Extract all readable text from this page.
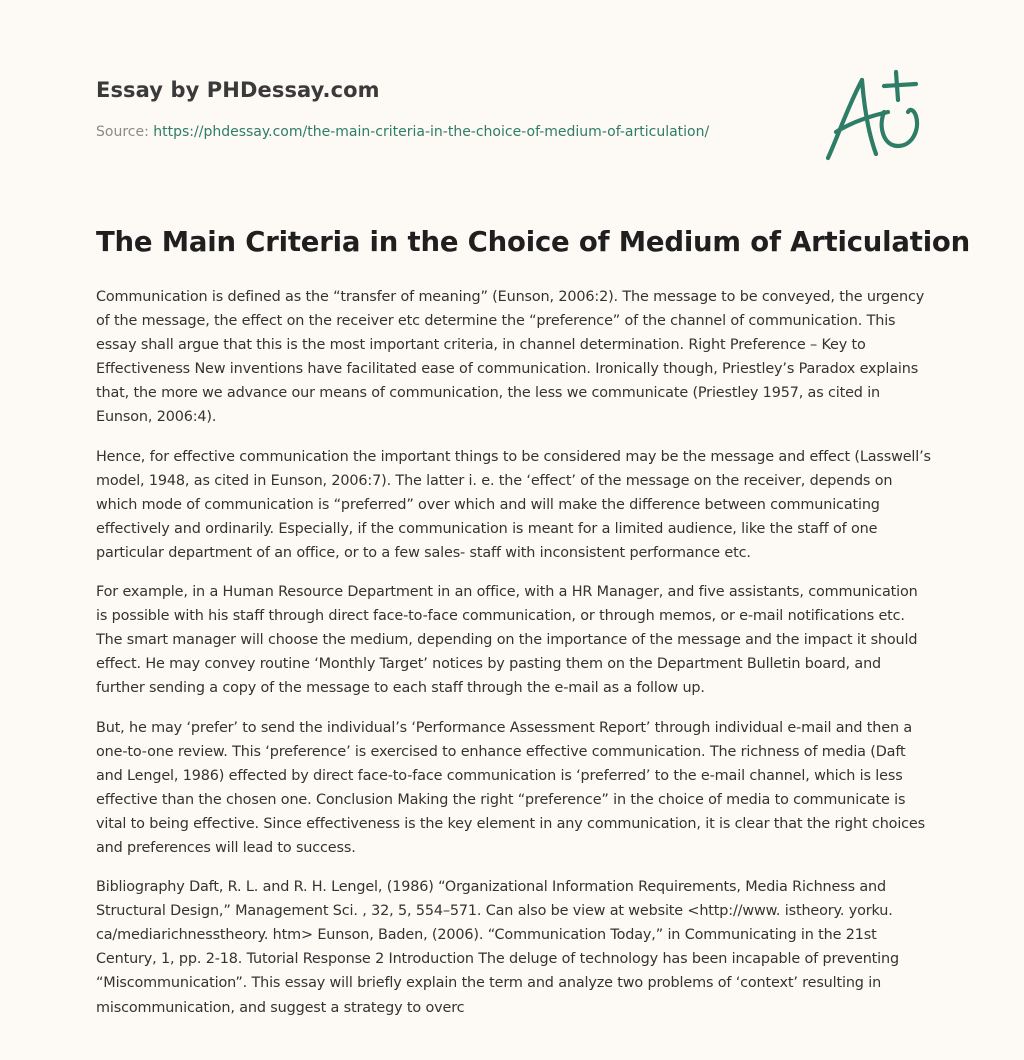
Essay by PHDessay.com
Source: https://phdessay.com/the-main-criteria-in-the-choice-of-medium-of-articulation/
The Main Criteria in the Choice of Medium of Articulation

Communication is defined as the “transfer of meaning” (Eunson, 2006:2). The message to be conveyed, the urgency of the message, the effect on the receiver etc determine the “preference” of the channel of communication. This essay shall argue that this is the most important criteria, in channel determination. Right Preference – Key to Effectiveness New inventions have facilitated ease of communication. Ironically though, Priestley’s Paradox explains that, the more we advance our means of communication, the less we communicate (Priestley 1957, as cited in Eunson, 2006:4).

Hence, for effective communication the important things to be considered may be the message and effect (Lasswell’s model, 1948, as cited in Eunson, 2006:7). The latter i. e. the ‘effect’ of the message on the receiver, depends on which mode of communication is “preferred” over which and will make the difference between communicating effectively and ordinarily. Especially, if the communication is meant for a limited audience, like the staff of one particular department of an office, or to a few sales- staff with inconsistent performance etc.

For example, in a Human Resource Department in an office, with a HR Manager, and five assistants, communication is possible with his staff through direct face-to-face communication, or through memos, or e-mail notifications etc. The smart manager will choose the medium, depending on the importance of the message and the impact it should effect. He may convey routine ‘Monthly Target’ notices by pasting them on the Department Bulletin board, and further sending a copy of the message to each staff through the e-mail as a follow up.

But, he may ‘prefer’ to send the individual’s ‘Performance Assessment Report’ through individual e-mail and then a one-to-one review. This ‘preference’ is exercised to enhance effective communication. The richness of media (Daft and Lengel, 1986) effected by direct face-to-face communication is ‘preferred’ to the e-mail channel, which is less effective than the chosen one. Conclusion Making the right “preference” in the choice of media to communicate is vital to being effective. Since effectiveness is the key element in any communication, it is clear that the right choices and preferences will lead to success.

Bibliography Daft, R. L. and R. H. Lengel, (1986) “Organizational Information Requirements, Media Richness and Structural Design,” Management Sci. , 32, 5, 554–571. Can also be view at website <http://www. istheory. yorku. ca/mediarichnesstheory. htm> Eunson, Baden, (2006). “Communication Today,” in Communicating in the 21st Century, 1, pp. 2-18. Tutorial Response 2 Introduction The deluge of technology has been incapable of preventing “Miscommunication”. This essay will briefly explain the term and analyze two problems of ‘context’ resulting in miscommunication, and suggest a strategy to overc
